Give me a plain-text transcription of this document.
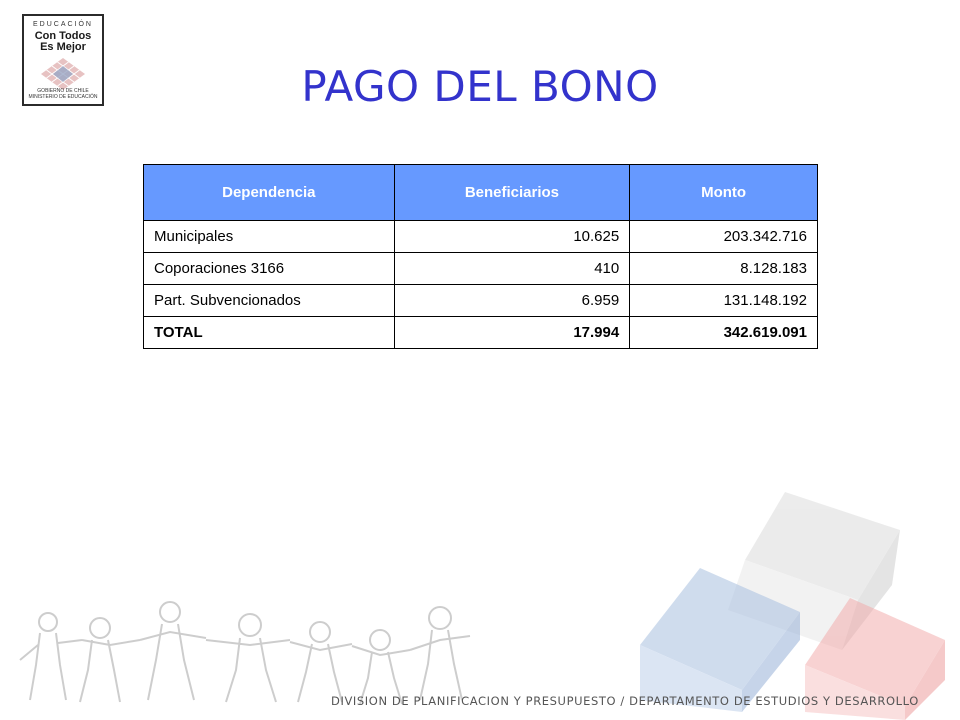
EDUCACIÓN
Con Todos
Es Mejor
GOBIERNO DE CHILE
MINISTERIO DE EDUCACIÓN	PAGO DEL BONO
Dependencia	Beneficiarios	Monto
Municipales	10.625	203.342.716
Coporaciones 3166	410	8.128.183
Part. Subvencionados	6.959	131.148.192
TOTAL	17.994	342.619.091
DIVISION DE PLANIFICACION Y PRESUPUESTO / DEPARTAMENTO DE ESTUDIOS Y DESARROLLO
